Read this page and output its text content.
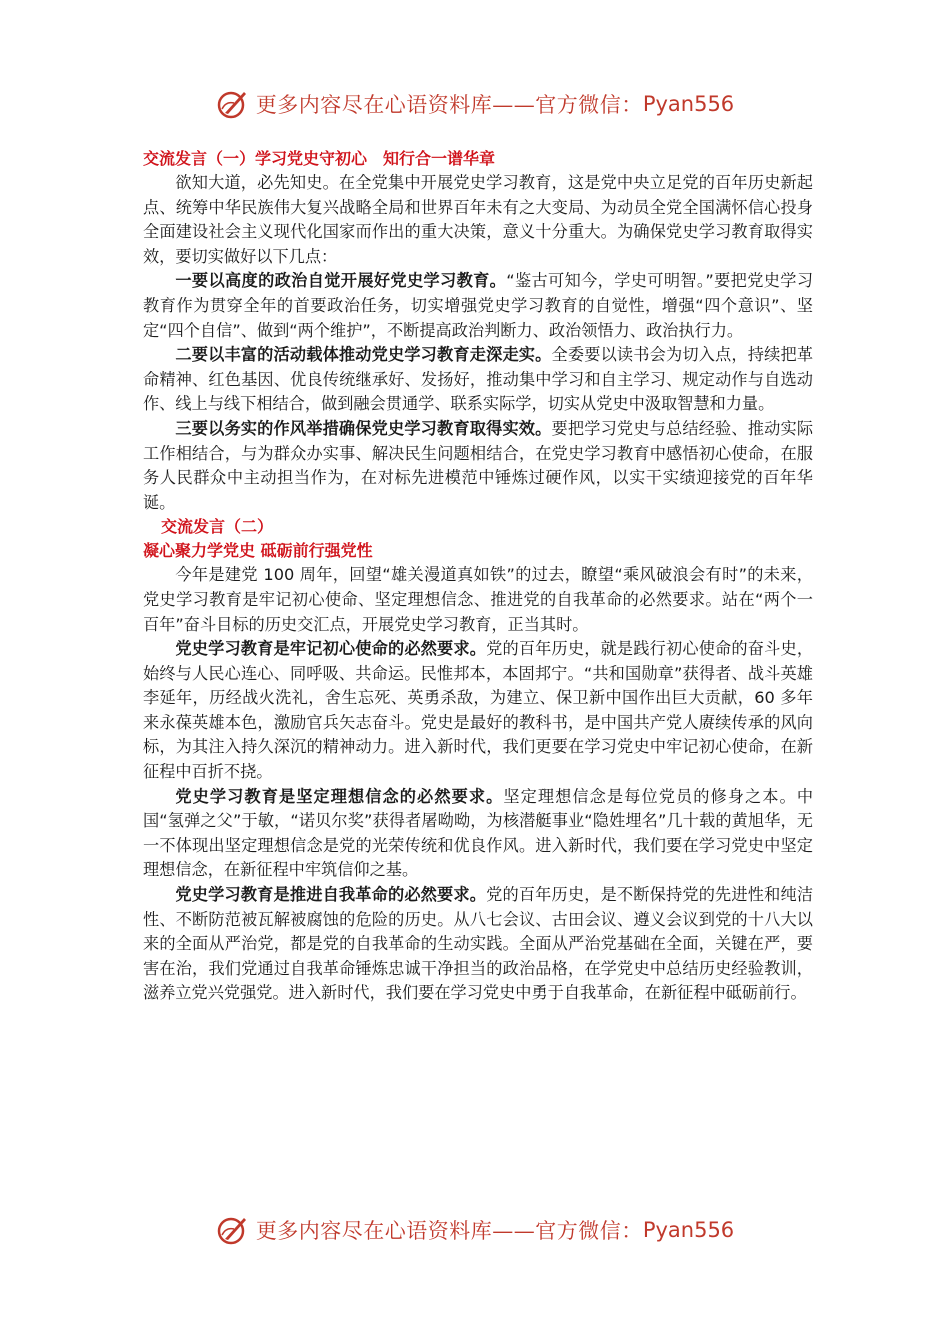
更多内容尽在心语资料库——官方微信： Pyan556
交流发言（一）学习党史守初心　知行合一谱华章

欲知大道，必先知史。在全党集中开展党史学习教育，这是党中央立足党的百年历史新起点、统筹中华民族伟大复兴战略全局和世界百年未有之大变局、为动员全党全国满怀信心投身全面建设社会主义现代化国家而作出的重大决策，意义十分重大。为确保党史学习教育取得实效，要切实做好以下几点：

一要以高度的政治自觉开展好党史学习教育。“鉴古可知今，学史可明智。”要把党史学习教育作为贯穿全年的首要政治任务，切实增强党史学习教育的自觉性，增强“四个意识”、坚定“四个自信”、做到“两个维护”，不断提高政治判断力、政治领悟力、政治执行力。

二要以丰富的活动载体推动党史学习教育走深走实。全委要以读书会为切入点，持续把革命精神、红色基因、优良传统继承好、发扬好，推动集中学习和自主学习、规定动作与自选动作、线上与线下相结合，做到融会贯通学、联系实际学，切实从党史中汲取智慧和力量。

三要以务实的作风举措确保党史学习教育取得实效。要把学习党史与总结经验、推动实际工作相结合，与为群众办实事、解决民生问题相结合，在党史学习教育中感悟初心使命，在服务人民群众中主动担当作为，在对标先进模范中锤炼过硬作风，以实干实绩迎接党的百年华诞。

交流发言（二）
凝心聚力学党史 砥砺前行强党性

今年是建党 100 周年，回望“雄关漫道真如铁”的过去，瞭望“乘风破浪会有时”的未来，党史学习教育是牢记初心使命、坚定理想信念、推进党的自我革命的必然要求。站在“两个一百年”奋斗目标的历史交汇点，开展党史学习教育，正当其时。

党史学习教育是牢记初心使命的必然要求。党的百年历史，就是践行初心使命的奋斗史，始终与人民心连心、同呼吸、共命运。民惟邦本，本固邦宁。“共和国勋章”获得者、战斗英雄李延年，历经战火洗礼，舍生忘死、英勇杀敌，为建立、保卫新中国作出巨大贡献，60 多年来永葆英雄本色，激励官兵矢志奋斗。党史是最好的教科书，是中国共产党人赓续传承的风向标，为其注入持久深沉的精神动力。进入新时代，我们更要在学习党史中牢记初心使命，在新征程中百折不挠。

党史学习教育是坚定理想信念的必然要求。坚定理想信念是每位党员的修身之本。中国“氢弹之父”于敏，“诺贝尔奖”获得者屠呦呦，为核潜艇事业“隐姓埋名”几十载的黄旭华，无一不体现出坚定理想信念是党的光荣传统和优良作风。进入新时代，我们要在学习党史中坚定理想信念，在新征程中牢筑信仰之基。

党史学习教育是推进自我革命的必然要求。党的百年历史，是不断保持党的先进性和纯洁性、不断防范被瓦解被腐蚀的危险的历史。从八七会议、古田会议、遵义会议到党的十八大以来的全面从严治党，都是党的自我革命的生动实践。全面从严治党基础在全面，关键在严，要害在治，我们党通过自我革命锤炼忠诚干净担当的政治品格，在学党史中总结历史经验教训，滋养立党兴党强党。进入新时代，我们要在学习党史中勇于自我革命，在新征程中砥砺前行。

更多内容尽在心语资料库——官方微信： Pyan556
